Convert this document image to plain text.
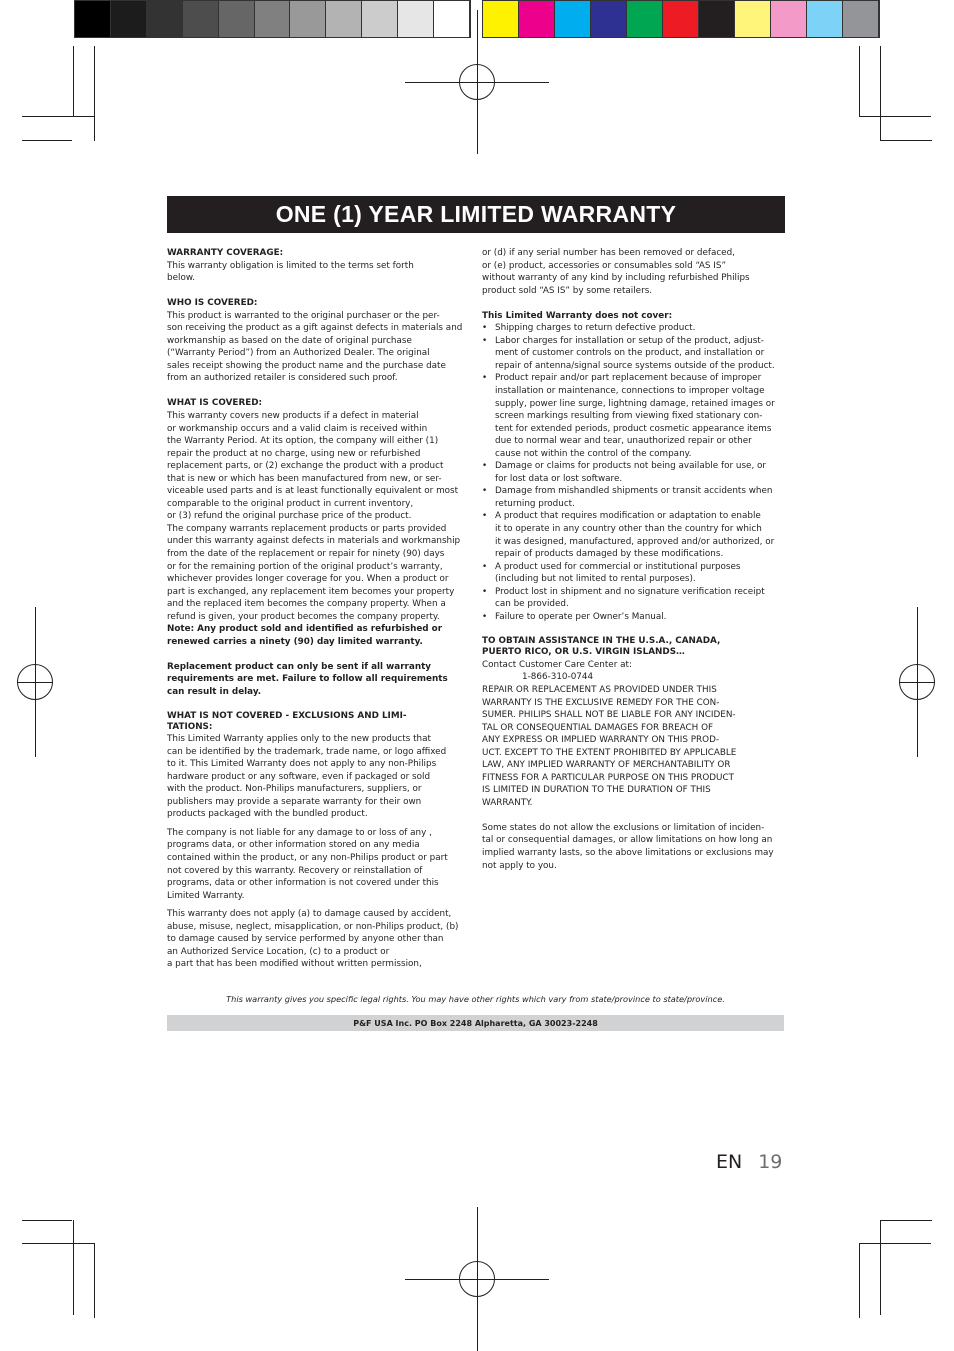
ONE (1) YEAR LIMITED WARRANTY

WARRANTY COVERAGE:

This warranty obligation is limited to the terms set forth
below.

WHO IS COVERED:

This product is warranted to the original purchaser or the per-
son receiving the product as a gift against defects in materials and
workmanship as based on the date of original purchase
(“Warranty Period”) from an Authorized Dealer. The original
sales receipt showing the product name and the purchase date
from an authorized retailer is considered such proof.

WHAT IS COVERED:

This warranty covers new products if a defect in material
or workmanship occurs and a valid claim is received within
the Warranty Period. At its option, the company will either (1)
repair the product at no charge, using new or refurbished
replacement parts, or (2) exchange the product with a product
that is new or which has been manufactured from new, or ser-
viceable used parts and is at least functionally equivalent or most
comparable to the original product in current inventory,
or (3) refund the original purchase price of the product.
The company warrants replacement products or parts provided
under this warranty against defects in materials and workmanship
from the date of the replacement or repair for ninety (90) days
or for the remaining portion of the original product’s warranty,
whichever provides longer coverage for you. When a product or
part is exchanged, any replacement item becomes your property
and the replaced item becomes the company property. When a
refund is given, your product becomes the company property.
Note: Any product sold and identified as refurbished or
renewed carries a ninety (90) day limited warranty.
Replacement product can only be sent if all warranty
requirements are met. Failure to follow all requirements
can result in delay.
WHAT IS NOT COVERED - EXCLUSIONS AND LIMI-
TATIONS:
This Limited Warranty applies only to the new products that
can be identified by the trademark, trade name, or logo affixed
to it. This Limited Warranty does not apply to any non-Philips
hardware product or any software, even if packaged or sold
with the product. Non-Philips manufacturers, suppliers, or
publishers may provide a separate warranty for their own
products packaged with the bundled product.
The company is not liable for any damage to or loss of any ,
programs data, or other information stored on any media
contained within the product, or any non-Philips product or part
not covered by this warranty. Recovery or reinstallation of
programs, data or other information is not covered under this
Limited Warranty.
This warranty does not apply (a) to damage caused by accident,
abuse, misuse, neglect, misapplication, or non-Philips product, (b)
to damage caused by service performed by anyone other than
an Authorized Service Location, (c) to a product or
a part that has been modified without written permission,
or (d) if any serial number has been removed or defaced,
or (e) product, accessories or consumables sold “AS IS”
without warranty of any kind by including refurbished Philips
product sold “AS IS” by some retailers.

This Limited Warranty does not cover:

• Shipping charges to return defective product.
• Labor charges for installation or setup of the product, adjust-
ment of customer controls on the product, and installation or
repair of antenna/signal source systems outside of the product.
• Product repair and/or part replacement because of improper
installation or maintenance, connections to improper voltage
supply, power line surge, lightning damage, retained images or
screen markings resulting from viewing fixed stationary con-
tent for extended periods, product cosmetic appearance items
due to normal wear and tear, unauthorized repair or other
cause not within the control of the company.
• Damage or claims for products not being available for use, or
for lost data or lost software.
• Damage from mishandled shipments or transit accidents when
returning product.
• A product that requires modification or adaptation to enable
it to operate in any country other than the country for which
it was designed, manufactured, approved and/or authorized, or
repair of products damaged by these modifications.
• A product used for commercial or institutional purposes
(including but not limited to rental purposes).
• Product lost in shipment and no signature verification receipt
can be provided.
• Failure to operate per Owner’s Manual.
TO OBTAIN ASSISTANCE IN THE U.S.A., CANADA,
PUERTO RICO, OR U.S. VIRGIN ISLANDS…

Contact Customer Care Center at:

1-866-310-0744

REPAIR OR REPLACEMENT AS PROVIDED UNDER THIS
WARRANTY IS THE EXCLUSIVE REMEDY FOR THE CON-
SUMER. PHILIPS SHALL NOT BE LIABLE FOR ANY INCIDEN-
TAL OR CONSEQUENTIAL DAMAGES FOR BREACH OF
ANY EXPRESS OR IMPLIED WARRANTY ON THIS PROD-
UCT. EXCEPT TO THE EXTENT PROHIBITED BY APPLICABLE
LAW, ANY IMPLIED WARRANTY OF MERCHANTABILITY OR
FITNESS FOR A PARTICULAR PURPOSE ON THIS PRODUCT
IS LIMITED IN DURATION TO THE DURATION OF THIS
WARRANTY.
Some states do not allow the exclusions or limitation of inciden-
tal or consequential damages, or allow limitations on how long an
implied warranty lasts, so the above limitations or exclusions may
not apply to you.
This warranty gives you specific legal rights. You may have other rights which vary from state/province to state/province.
P&F USA Inc. PO Box 2248 Alpharetta, GA 30023-2248
EN 19
